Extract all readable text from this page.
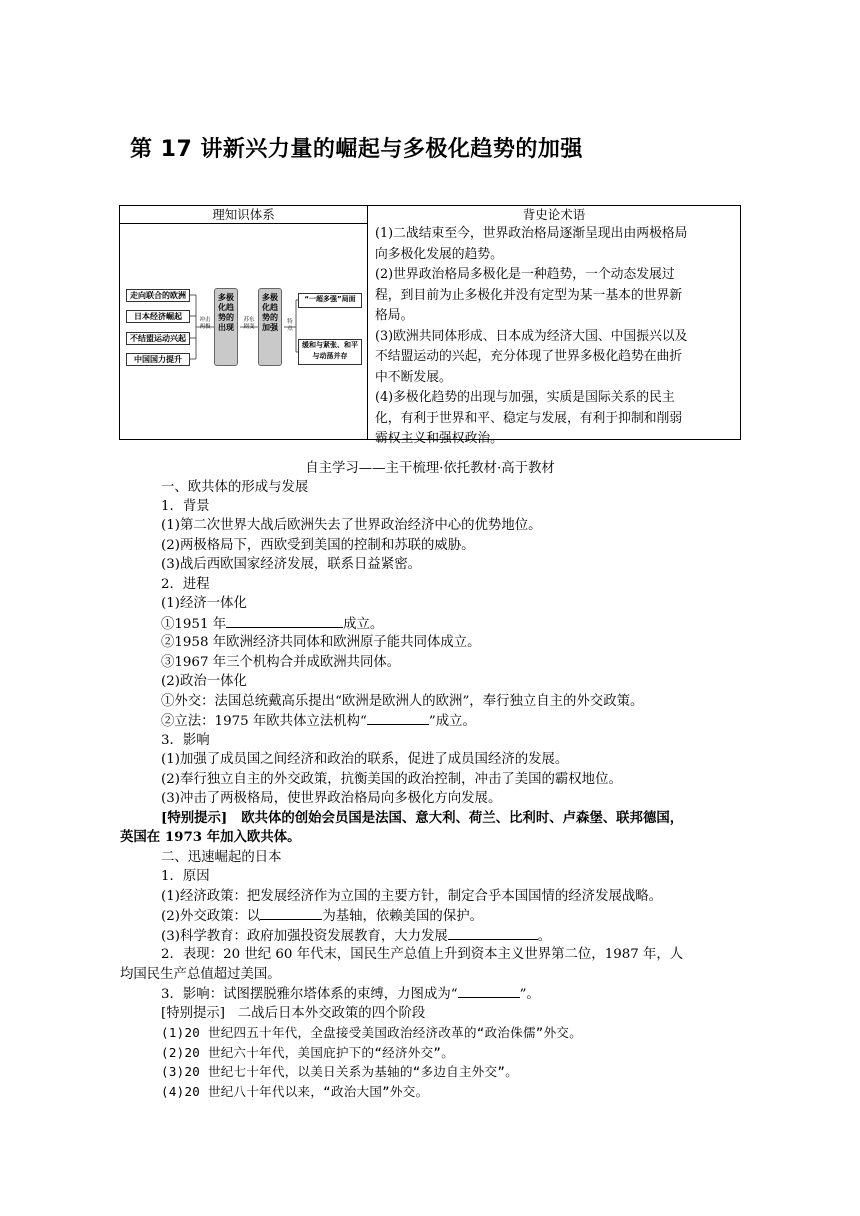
第 17 讲新兴力量的崛起与多极化趋势的加强
理知识体系	背史论术语
(1)二战结束至今，世界政治格局逐渐呈现出由两极格局
向多极化发展的趋势。
(2)世界政治格局多极化是一种趋势，一个动态发展过
程，到目前为止多极化并没有定型为某一基本的世界新
格局。
(3)欧洲共同体形成、日本成为经济大国、中国振兴以及
不结盟运动的兴起，充分体现了世界多极化趋势在曲折
中不断发展。
(4)多极化趋势的出现与加强，实质是国际关系的民主
化，有利于世界和平、稳定与发展，有利于抑制和削弱
霸权主义和强权政治。
走向联合的欧洲
日本经济崛起
不结盟运动兴起
中国国力提升
冲击两极
多极化趋势的出现
苏东剧变
多极化趋势的加强
特点
“一超多强”局面
缓和与紧张、和平与动荡并存
自主学习——主干梳理·依托教材·高于教材
一、欧共体的形成与发展
1．背景
(1)第二次世界大战后欧洲失去了世界政治经济中心的优势地位。
(2)两极格局下，西欧受到美国的控制和苏联的威胁。
(3)战后西欧国家经济发展，联系日益紧密。
2．进程
(1)经济一体化
①1951 年	成立。
②1958 年欧洲经济共同体和欧洲原子能共同体成立。
③1967 年三个机构合并成欧洲共同体。
(2)政治一体化
①外交：法国总统戴高乐提出“欧洲是欧洲人的欧洲”，奉行独立自主的外交政策。
②立法：1975 年欧共体立法机构“	”成立。
3．影响
(1)加强了成员国之间经济和政治的联系，促进了成员国经济的发展。
(2)奉行独立自主的外交政策，抗衡美国的政治控制，冲击了美国的霸权地位。
(3)冲击了两极格局，使世界政治格局向多极化方向发展。
[特别提示] 欧共体的创始会员国是法国、意大利、荷兰、比利时、卢森堡、联邦德国，
英国在 1973 年加入欧共体。
二、迅速崛起的日本
1．原因
(1)经济政策：把发展经济作为立国的主要方针，制定合乎本国国情的经济发展战略。
(2)外交政策：以	为基轴，依赖美国的保护。
(3)科学教育：政府加强投资发展教育，大力发展	。
2．表现：20 世纪 60 年代末，国民生产总值上升到资本主义世界第二位，1987 年，人
均国民生产总值超过美国。
3．影响：试图摆脱雅尔塔体系的束缚，力图成为“	”。
[特别提示] 二战后日本外交政策的四个阶段
(1)20 世纪四五十年代，全盘接受美国政治经济改革的“政治侏儒”外交。
(2)20 世纪六十年代，美国庇护下的“经济外交”。
(3)20 世纪七十年代，以美日关系为基轴的“多边自主外交”。
(4)20 世纪八十年代以来，“政治大国”外交。
